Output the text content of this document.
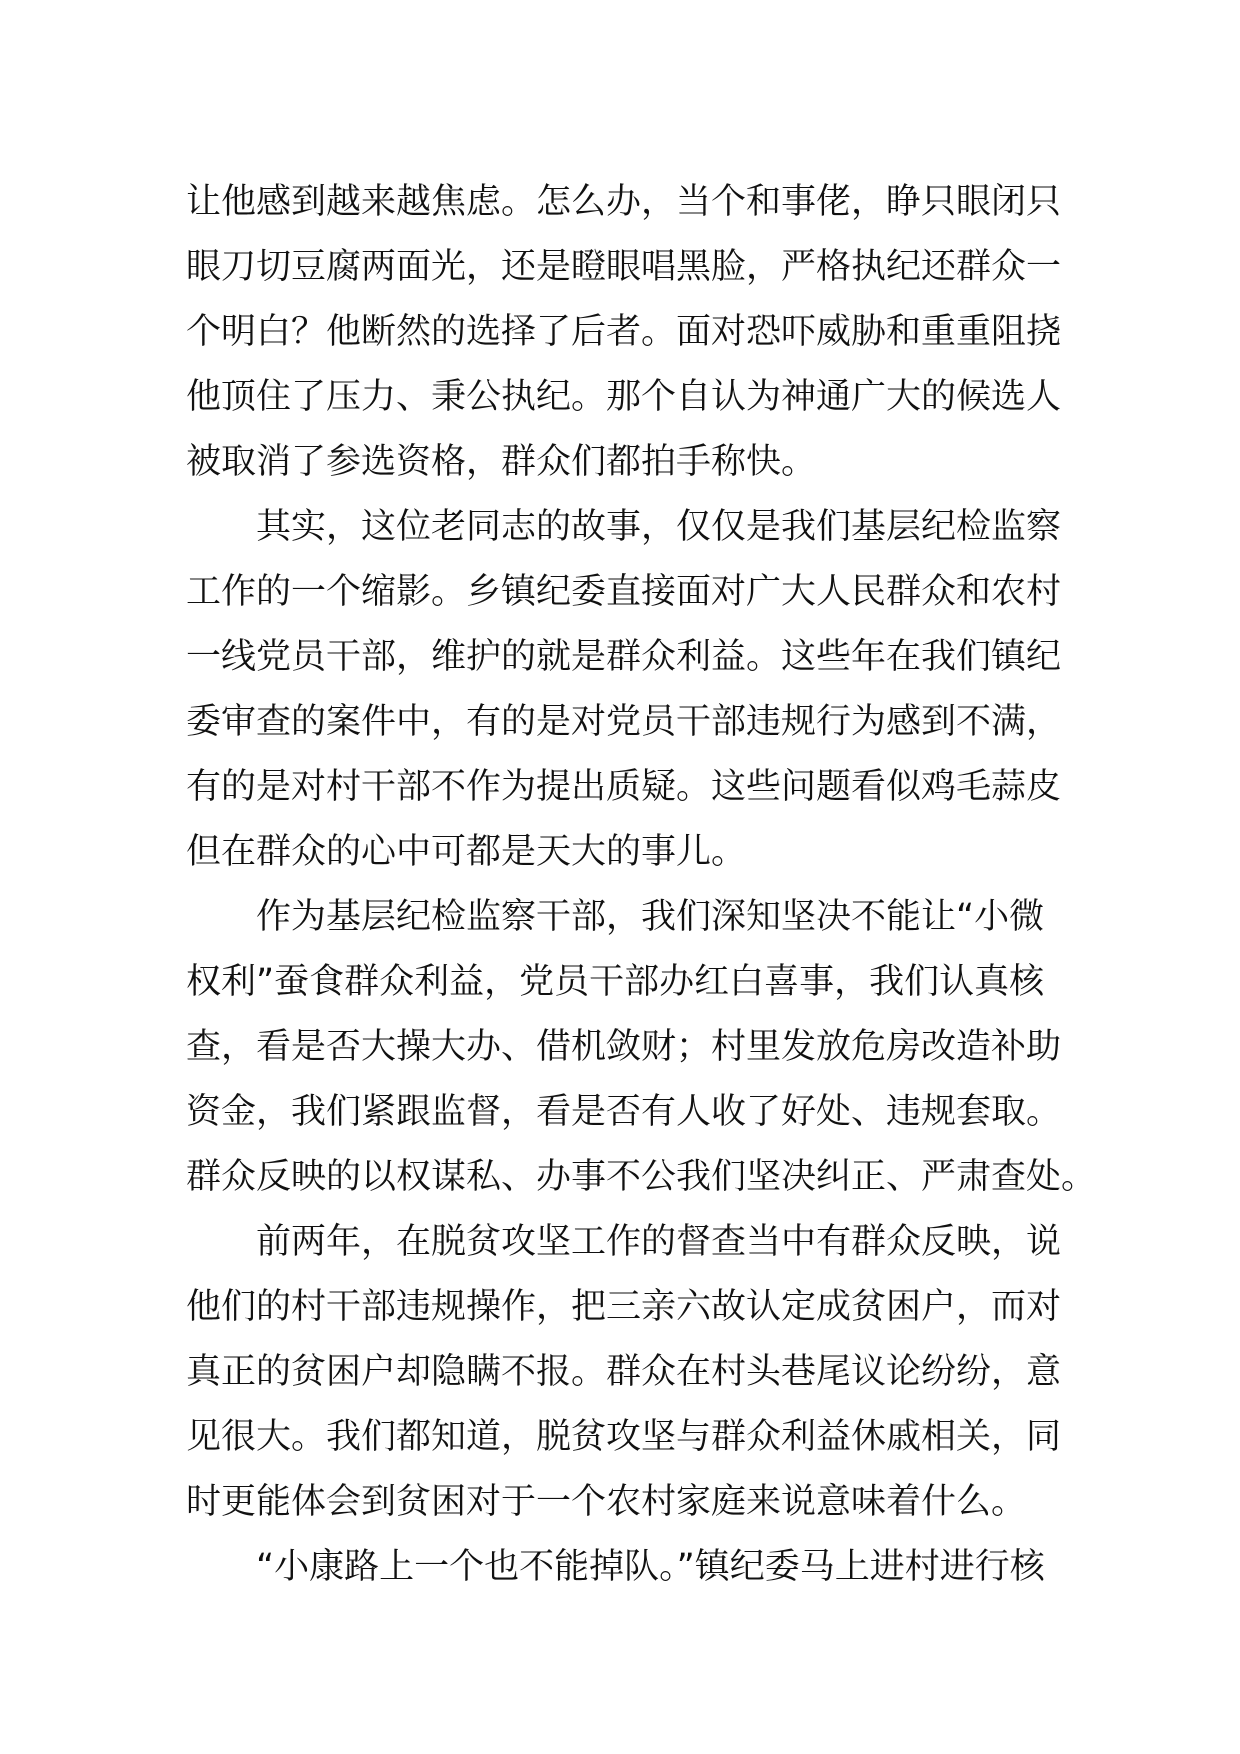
让他感到越来越焦虑。怎么办，当个和事佬，睁只眼闭只
眼刀切豆腐两面光，还是瞪眼唱黑脸，严格执纪还群众一
个明白？他断然的选择了后者。面对恐吓威胁和重重阻挠
他顶住了压力、秉公执纪。那个自认为神通广大的候选人
被取消了参选资格，群众们都拍手称快。
其实，这位老同志的故事，仅仅是我们基层纪检监察
工作的一个缩影。乡镇纪委直接面对广大人民群众和农村
一线党员干部，维护的就是群众利益。这些年在我们镇纪
委审查的案件中，有的是对党员干部违规行为感到不满，
有的是对村干部不作为提出质疑。这些问题看似鸡毛蒜皮
但在群众的心中可都是天大的事儿。
作为基层纪检监察干部，我们深知坚决不能让“小微
权利”蚕食群众利益，党员干部办红白喜事，我们认真核
查，看是否大操大办、借机敛财；村里发放危房改造补助
资金，我们紧跟监督，看是否有人收了好处、违规套取。
群众反映的以权谋私、办事不公我们坚决纠正、严肃查处。
前两年，在脱贫攻坚工作的督查当中有群众反映，说
他们的村干部违规操作，把三亲六故认定成贫困户，而对
真正的贫困户却隐瞒不报。群众在村头巷尾议论纷纷，意
见很大。我们都知道，脱贫攻坚与群众利益休戚相关，同
时更能体会到贫困对于一个农村家庭来说意味着什么。
“小康路上一个也不能掉队。”镇纪委马上进村进行核
